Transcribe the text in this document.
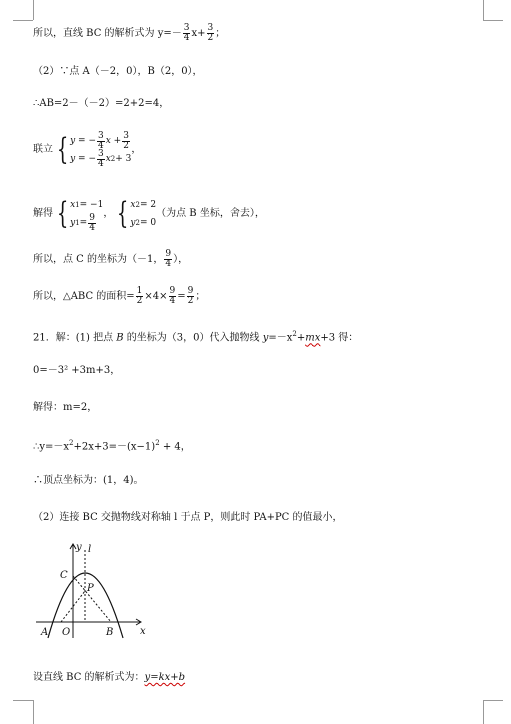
所以，直线 BC 的解析式为 $y=- \frac{3}{4} x+ \frac{3}{2}$ ；
（2）∵点 A（－2，0），B（2，0），
∴AB=2－（－2）=2+2=4，
联立 { y = − $\frac{3}{4}$ $x + \frac{3}{2}$
y = − $\frac{3}{4}$ x 2 + 3
，
解得 { x 1 = −1
y $1 = \frac{9}{4}$ ， { x 2 = 2
y 2 = 0
（为点 B 坐标，舍去），
所以，点 C 的坐标为（－1， $\frac{9}{4}$ ），
所以，△ABC 的面积= $\frac{1}{2} \times 4\times \frac{9}{4} = \frac{9}{2}$ ；
21．解：(1) 把点 B 的坐标为（3，0）代入抛物线 $y=-x^2+mx+3$ 得：
0=－3² +3m+3，
解得：m=2，
$\therefore y=-x^2+2x+3=-(x-1)^2 + 4$，
∴顶点坐标为：(1，4)。
（2）连接 BC 交抛物线对称轴 l 于点 P，则此时 PA+PC 的值最小，
y l
C
P
A O	B	x
设直线 BC 的解析式为：y=kx+b
